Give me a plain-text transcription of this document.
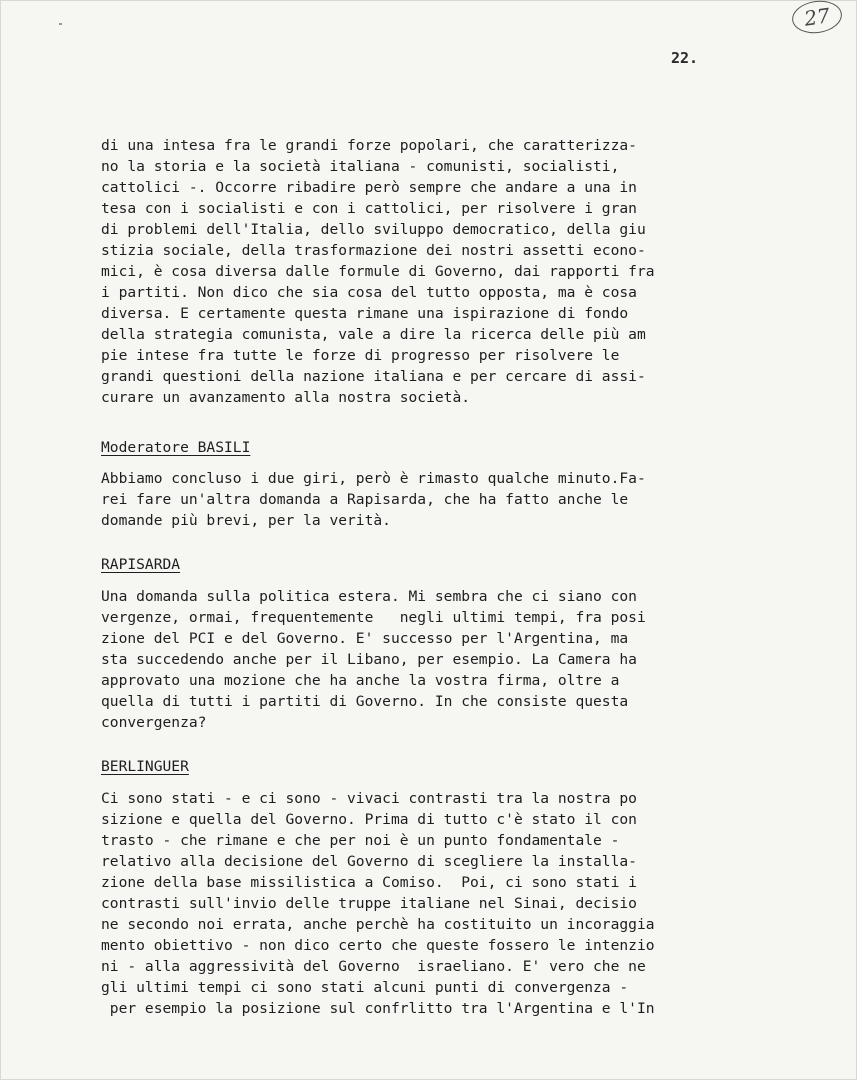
27
22.

di una intesa fra le grandi forze popolari, che caratterizza-
no la storia e la società italiana - comunisti, socialisti,
cattolici -. Occorre ribadire però sempre che andare a una in
tesa con i socialisti e con i cattolici, per risolvere i gran
di problemi dell'Italia, dello sviluppo democratico, della giu
stizia sociale, della trasformazione dei nostri assetti econo-
mici, è cosa diversa dalle formule di Governo, dai rapporti fra
i partiti. Non dico che sia cosa del tutto opposta, ma è cosa
diversa. E certamente questa rimane una ispirazione di fondo
della strategia comunista, vale a dire la ricerca delle più am
pie intese fra tutte le forze di progresso per risolvere le
grandi questioni della nazione italiana e per cercare di assi-
curare un avanzamento alla nostra società.

Moderatore BASILI

Abbiamo concluso i due giri, però è rimasto qualche minuto.Fa-
rei fare un'altra domanda a Rapisarda, che ha fatto anche le
domande più brevi, per la verità.

RAPISARDA

Una domanda sulla politica estera. Mi sembra che ci siano con
vergenze, ormai, frequentemente   negli ultimi tempi, fra posi
zione del PCI e del Governo. E' successo per l'Argentina, ma
sta succedendo anche per il Libano, per esempio. La Camera ha
approvato una mozione che ha anche la vostra firma, oltre a
quella di tutti i partiti di Governo. In che consiste questa
convergenza?

BERLINGUER

Ci sono stati - e ci sono - vivaci contrasti tra la nostra po
sizione e quella del Governo. Prima di tutto c'è stato il con
trasto - che rimane e che per noi è un punto fondamentale -
relativo alla decisione del Governo di scegliere la installa-
zione della base missilistica a Comiso.  Poi, ci sono stati i
contrasti sull'invio delle truppe italiane nel Sinai, decisio
ne secondo noi errata, anche perchè ha costituito un incoraggia
mento obiettivo - non dico certo che queste fossero le intenzio
ni - alla aggressività del Governo  israeliano. E' vero che ne
gli ultimi tempi ci sono stati alcuni punti di convergenza -
per esempio la posizione sul confrlitto tra l'Argentina e l'In
